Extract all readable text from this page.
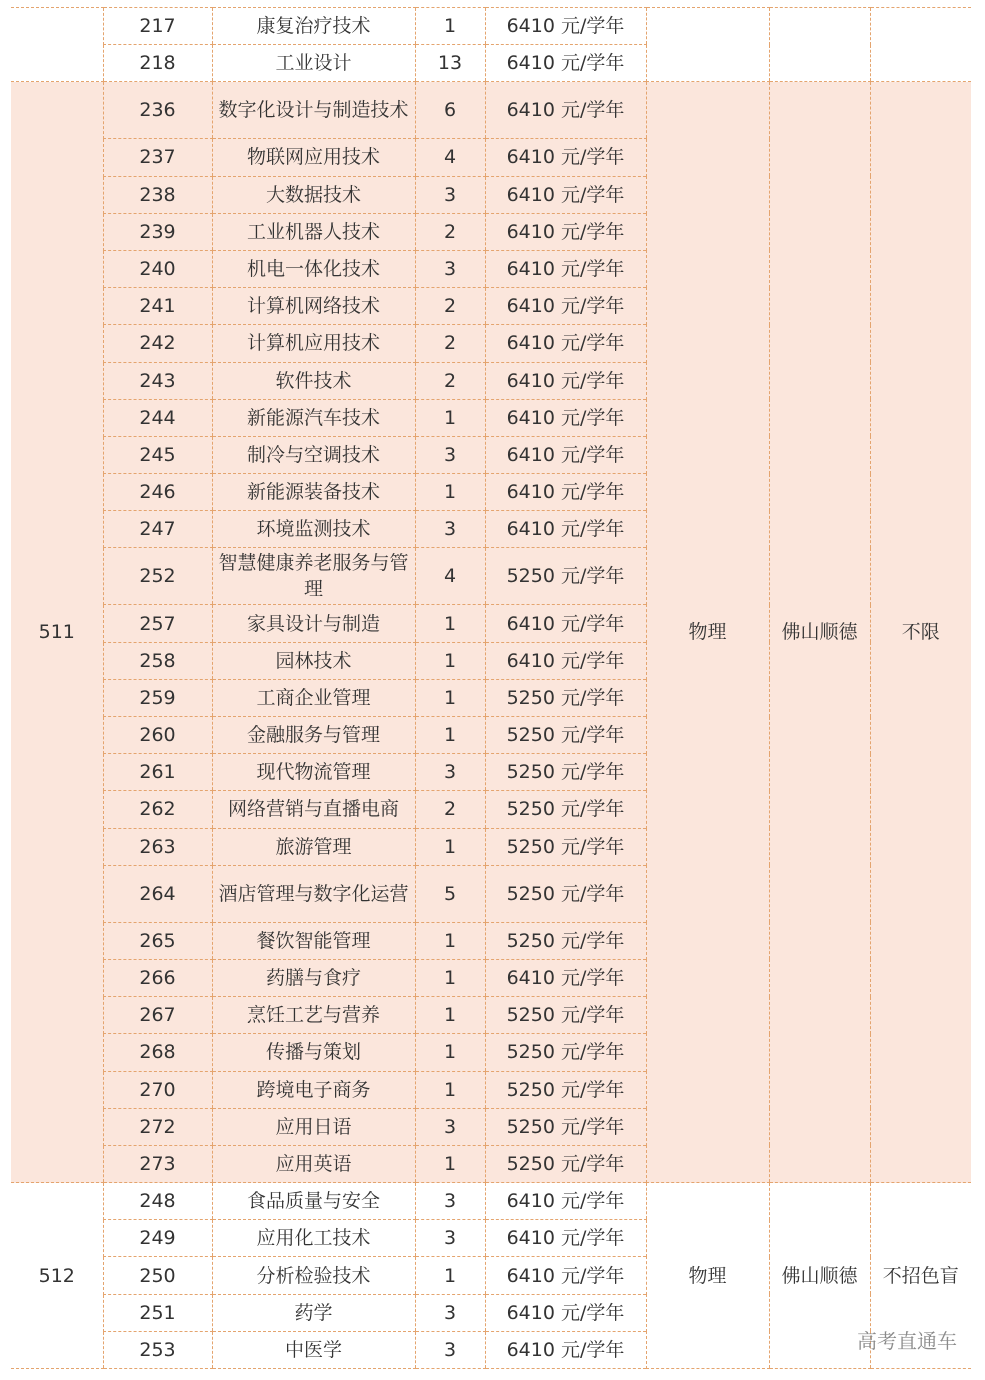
	217	康复治疗技术	1	6410 元/学年			
	218	工业设计	13	6410 元/学年			
511	236	数字化设计与制造技术	6	6410 元/学年	物理	佛山顺德	不限
	237	物联网应用技术	4	6410 元/学年			
	238	大数据技术	3	6410 元/学年			
	239	工业机器人技术	2	6410 元/学年			
	240	机电一体化技术	3	6410 元/学年			
	241	计算机网络技术	2	6410 元/学年			
	242	计算机应用技术	2	6410 元/学年			
	243	软件技术	2	6410 元/学年			
	244	新能源汽车技术	1	6410 元/学年			
	245	制冷与空调技术	3	6410 元/学年			
	246	新能源装备技术	1	6410 元/学年			
	247	环境监测技术	3	6410 元/学年			
	252	智慧健康养老服务与管理	4	5250 元/学年			
	257	家具设计与制造	1	6410 元/学年			
	258	园林技术	1	6410 元/学年			
	259	工商企业管理	1	5250 元/学年			
	260	金融服务与管理	1	5250 元/学年			
	261	现代物流管理	3	5250 元/学年			
	262	网络营销与直播电商	2	5250 元/学年			
	263	旅游管理	1	5250 元/学年			
	264	酒店管理与数字化运营	5	5250 元/学年			
	265	餐饮智能管理	1	5250 元/学年			
	266	药膳与食疗	1	6410 元/学年			
	267	烹饪工艺与营养	1	5250 元/学年			
	268	传播与策划	1	5250 元/学年			
	270	跨境电子商务	1	5250 元/学年			
	272	应用日语	3	5250 元/学年			
	273	应用英语	1	5250 元/学年			
512	248	食品质量与安全	3	6410 元/学年	物理	佛山顺德	不招色盲
	249	应用化工技术	3	6410 元/学年			
	250	分析检验技术	1	6410 元/学年			
	251	药学	3	6410 元/学年			
	253	中医学	3	6410 元/学年				高考直通车
